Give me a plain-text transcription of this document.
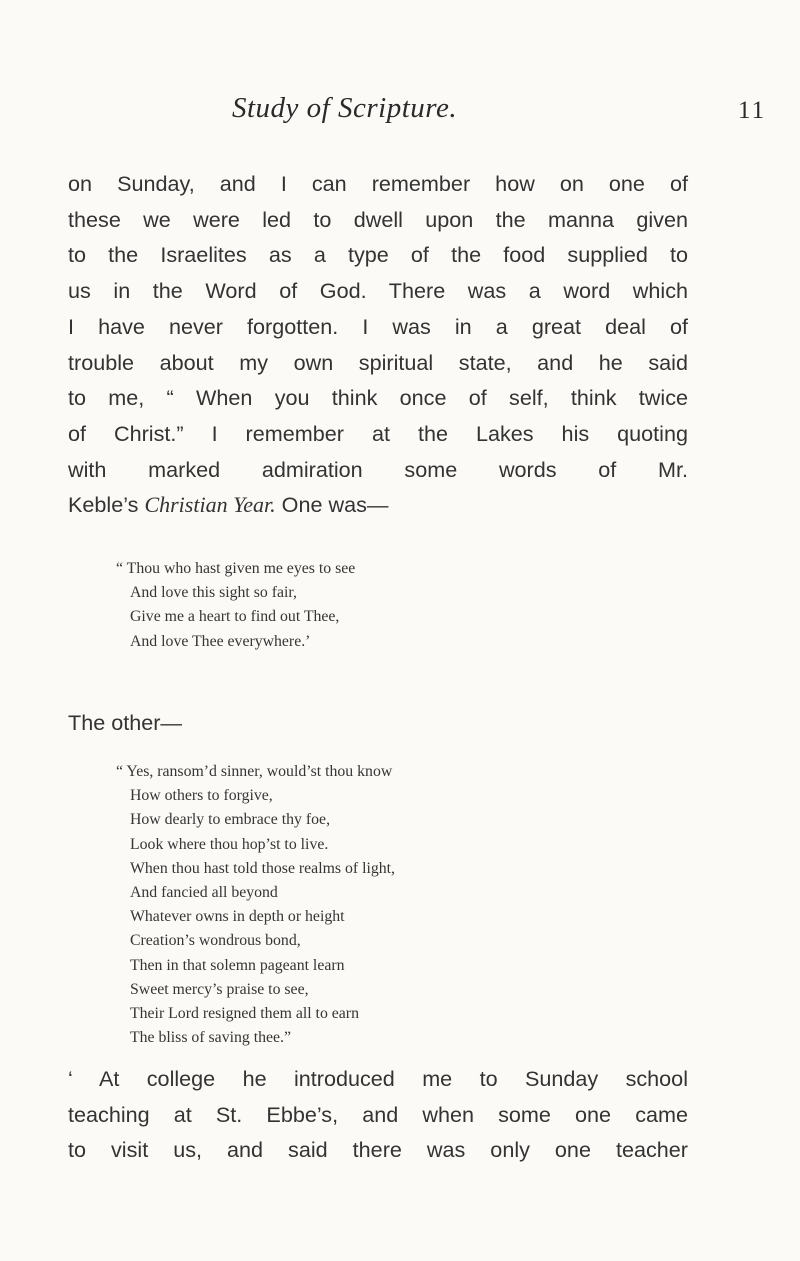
Study of Scripture.	11
on Sunday, and I can remember how on one of
these we were led to dwell upon the manna given
to the Israelites as a type of the food supplied to
us in the Word of God. There was a word which
I have never forgotten. I was in a great deal of
trouble about my own spiritual state, and he said
to me, “ When you think once of self, think twice
of Christ.” I remember at the Lakes his quoting
with marked admiration some words of Mr.
Keble’s Christian Year. One was—
“ Thou who hast given me eyes to see
And love this sight so fair,
Give me a heart to find out Thee,
And love Thee everywhere.’
The other—
“ Yes, ransom’d sinner, would’st thou know
How others to forgive,
How dearly to embrace thy foe,
Look where thou hop’st to live.
When thou hast told those realms of light,
And fancied all beyond
Whatever owns in depth or height
Creation’s wondrous bond,
Then in that solemn pageant learn
Sweet mercy’s praise to see,
Their Lord resigned them all to earn
The bliss of saving thee.”
‘ At college he introduced me to Sunday school
teaching at St. Ebbe’s, and when some one came
to visit us, and said there was only one teacher
